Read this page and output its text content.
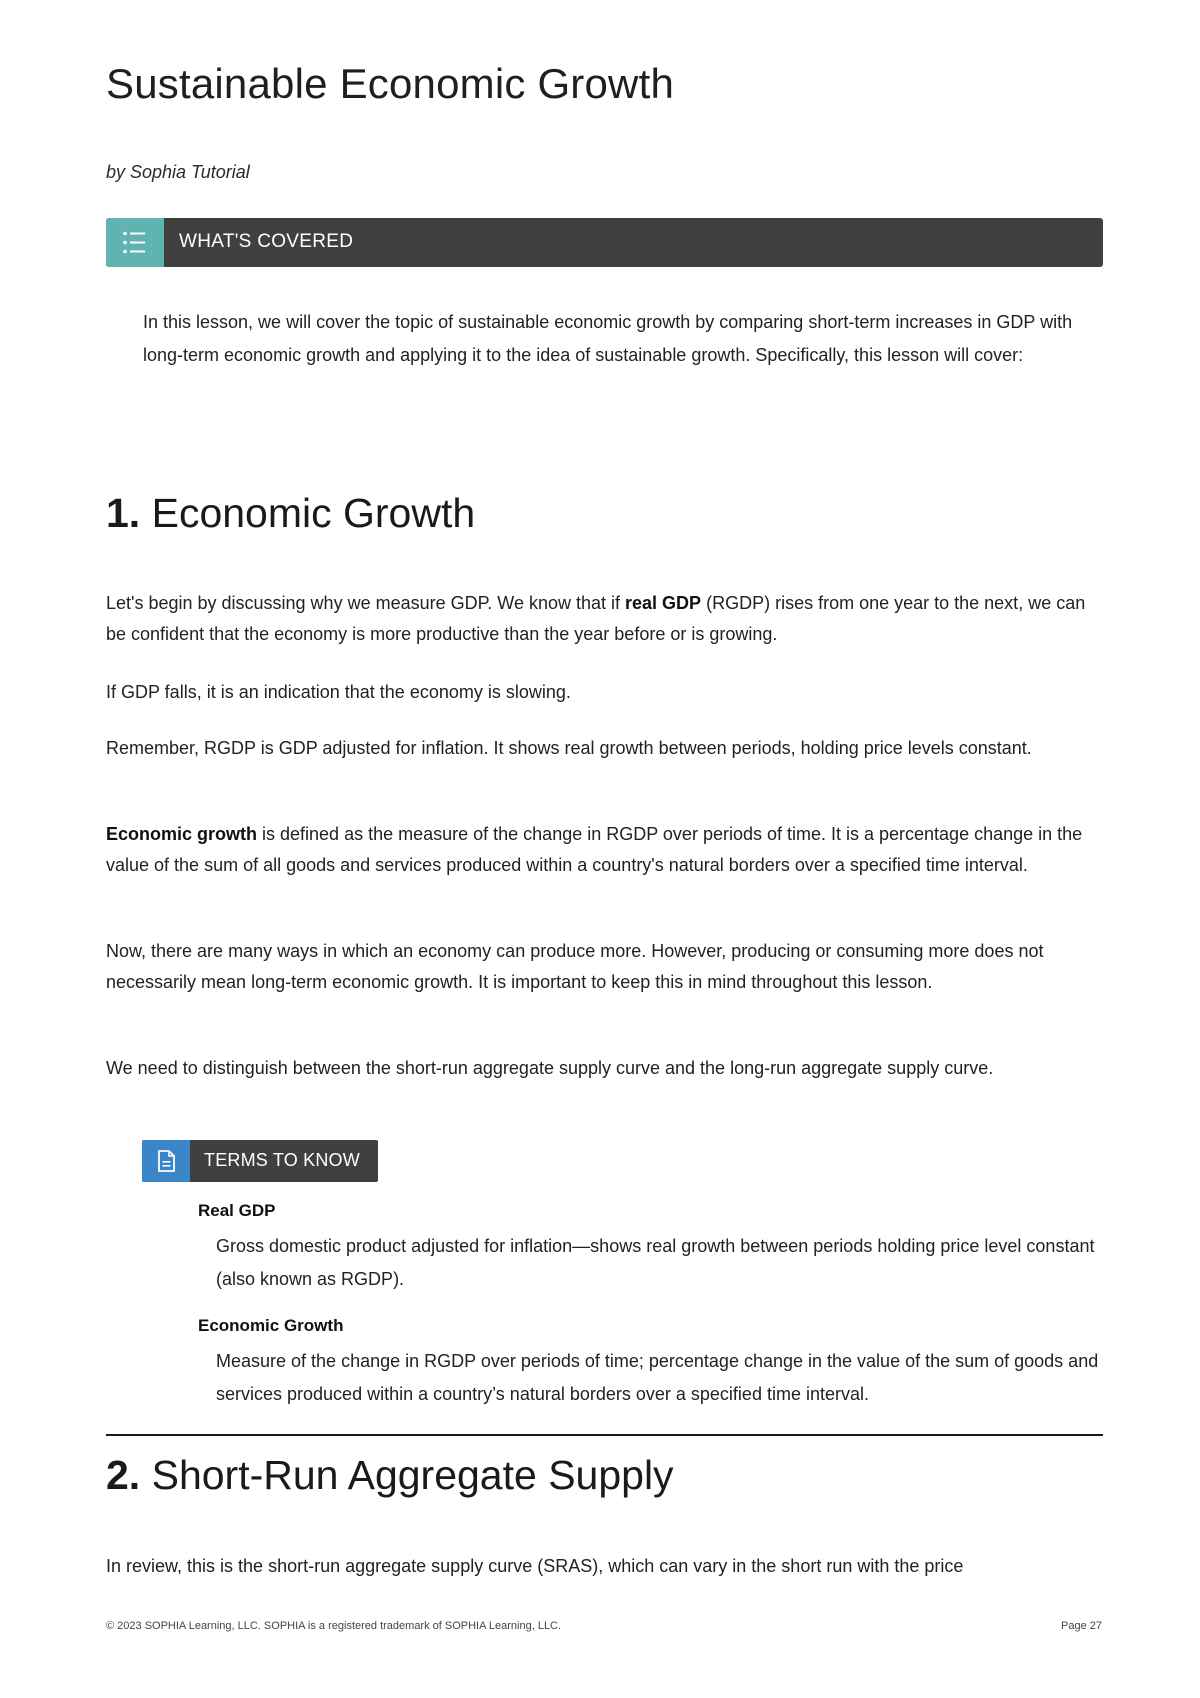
Sustainable Economic Growth
by Sophia Tutorial
WHAT'S COVERED

In this lesson, we will cover the topic of sustainable economic growth by comparing short-term increases in GDP with long-term economic growth and applying it to the idea of sustainable growth. Specifically, this lesson will cover:

1. Economic Growth

Let's begin by discussing why we measure GDP. We know that if real GDP (RGDP) rises from one year to the next, we can be confident that the economy is more productive than the year before or is growing.

If GDP falls, it is an indication that the economy is slowing.

Remember, RGDP is GDP adjusted for inflation. It shows real growth between periods, holding price levels constant.

Economic growth is defined as the measure of the change in RGDP over periods of time. It is a percentage change in the value of the sum of all goods and services produced within a country's natural borders over a specified time interval.

Now, there are many ways in which an economy can produce more. However, producing or consuming more does not necessarily mean long-term economic growth. It is important to keep this in mind throughout this lesson.

We need to distinguish between the short-run aggregate supply curve and the long-run aggregate supply curve.

TERMS TO KNOW
Real GDP

Gross domestic product adjusted for inflation—shows real growth between periods holding price level constant (also known as RGDP).

Economic Growth

Measure of the change in RGDP over periods of time; percentage change in the value of the sum of goods and services produced within a country’s natural borders over a specified time interval.

2. Short-Run Aggregate Supply

In review, this is the short-run aggregate supply curve (SRAS), which can vary in the short run with the price

© 2023 SOPHIA Learning, LLC. SOPHIA is a registered trademark of SOPHIA Learning, LLC.	Page 27
